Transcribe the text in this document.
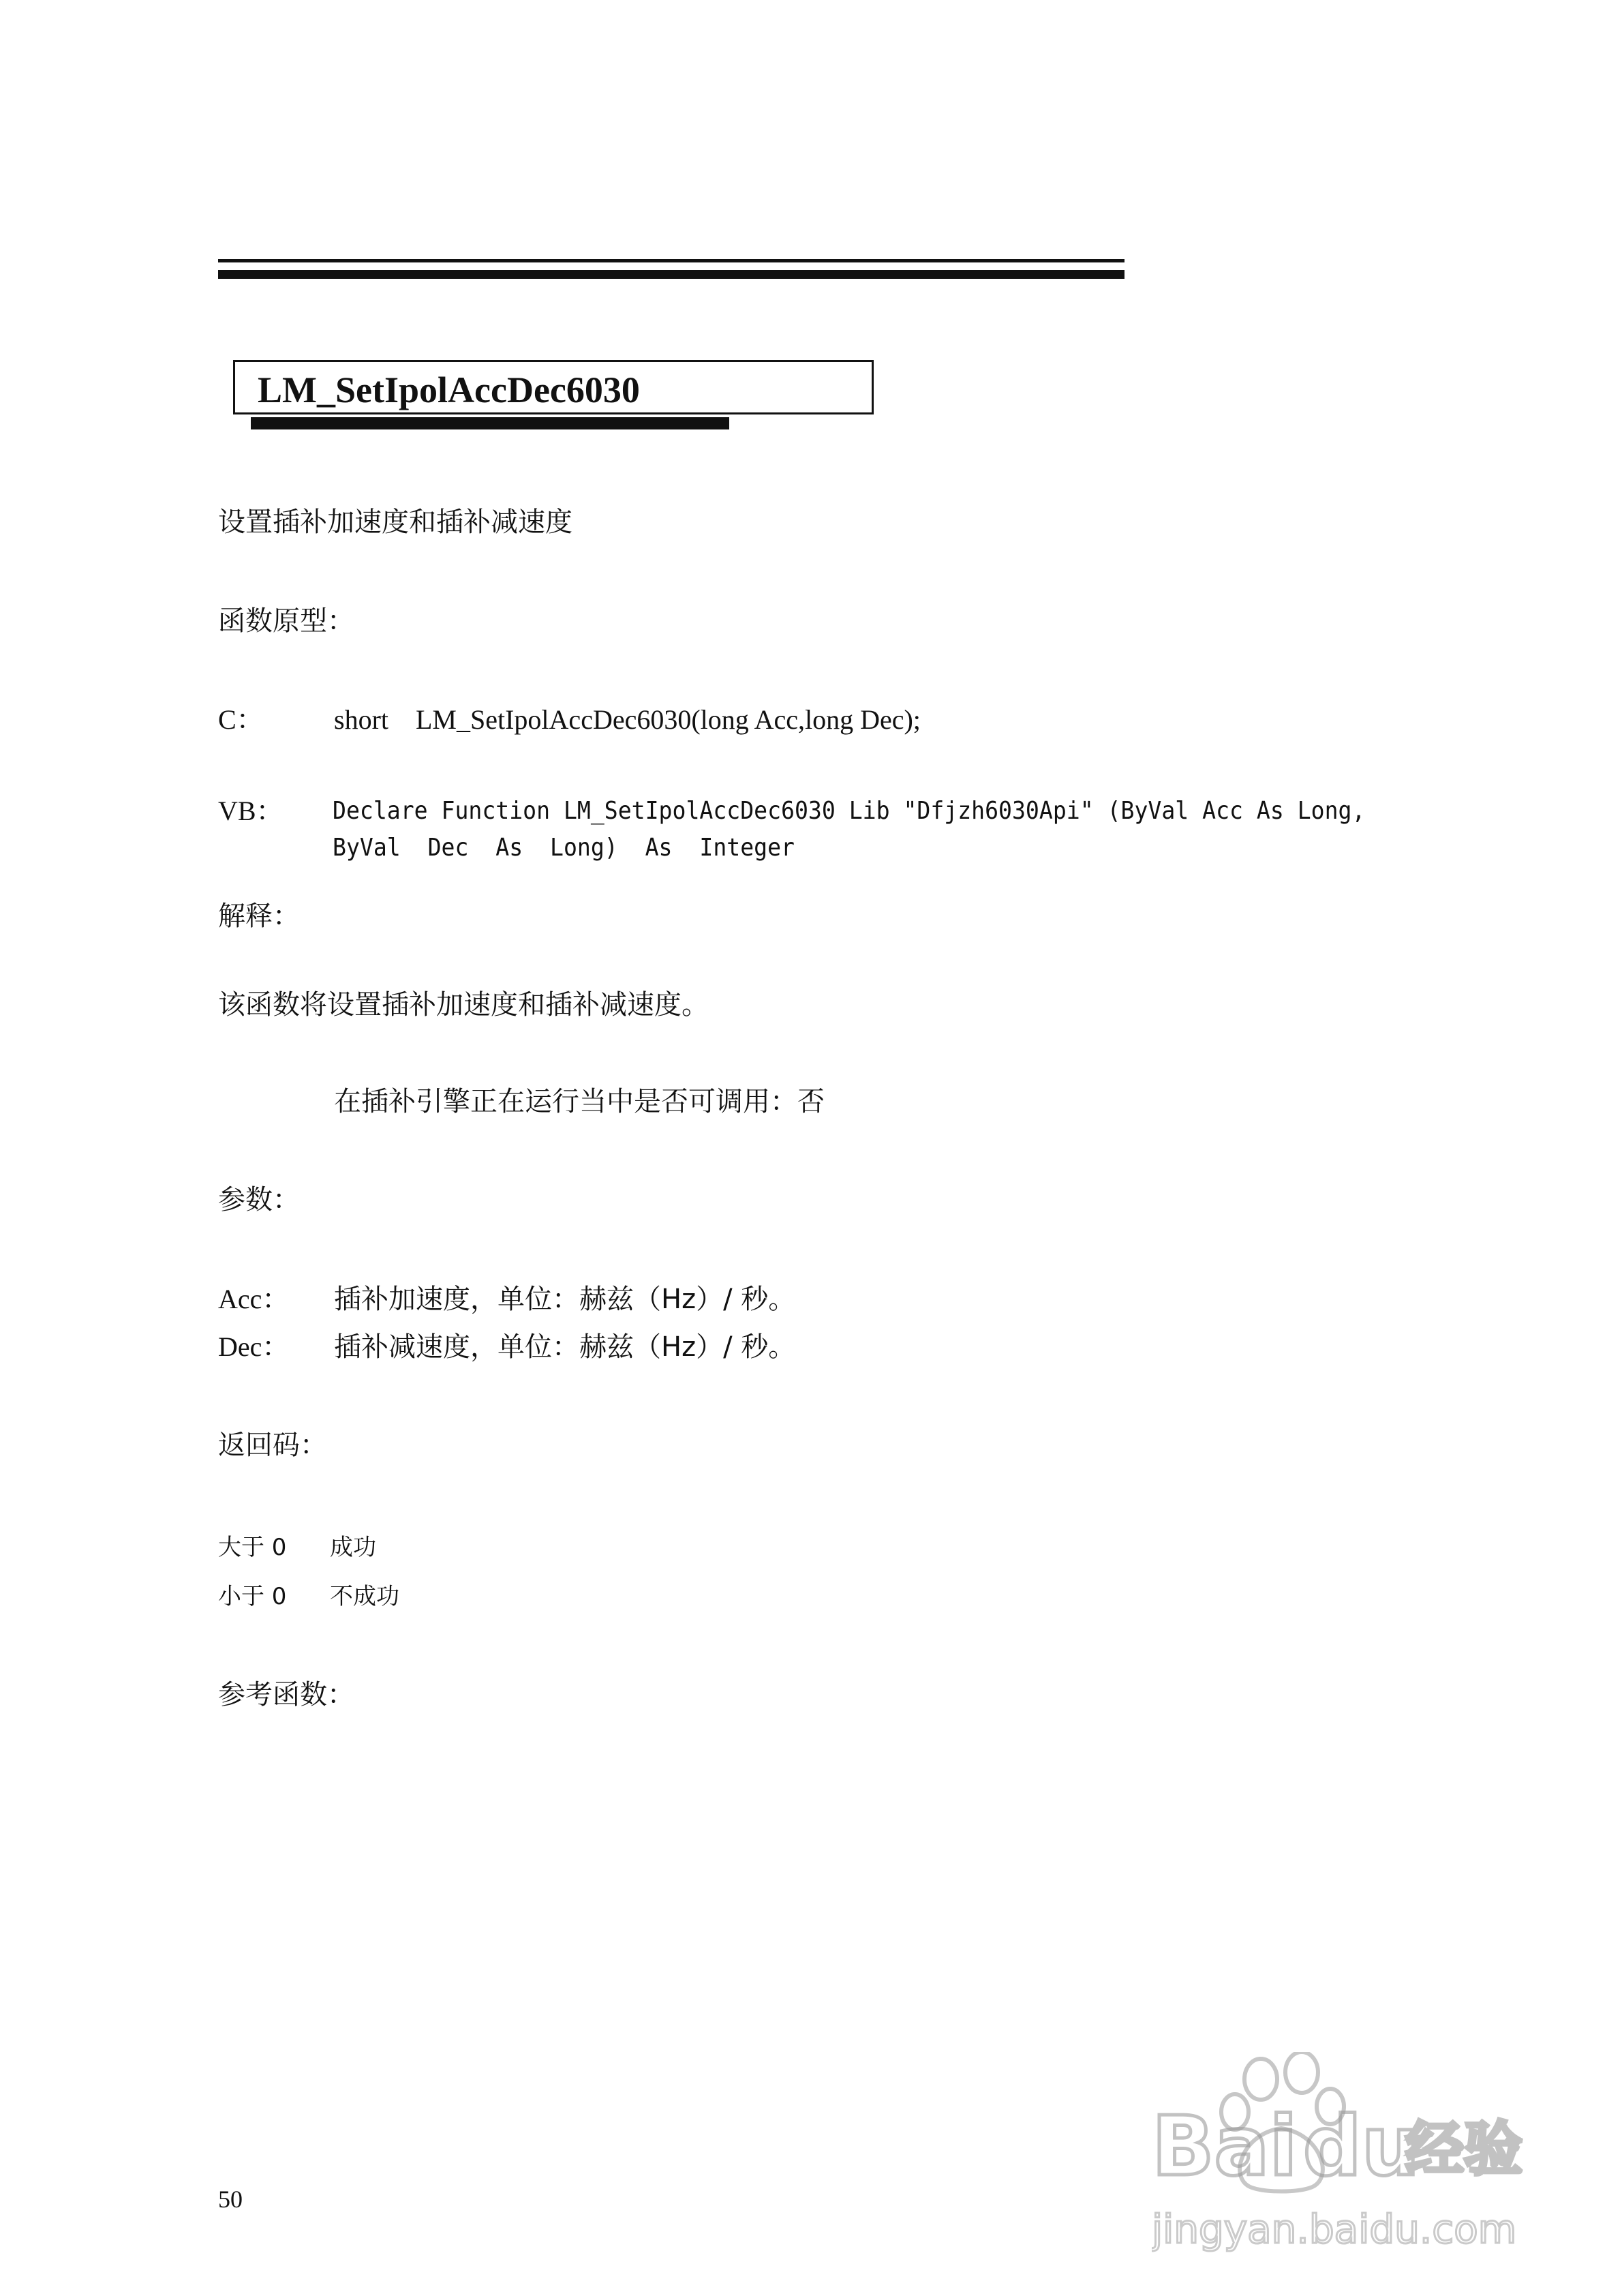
LM_SetIpolAccDec6030
设置插补加速度和插补减速度
函数原型：
C：	short    LM_SetIpolAccDec6030(long Acc,long Dec);
VB： Declare Function LM_SetIpolAccDec6030 Lib "Dfjzh6030Api" (ByVal Acc As Long,
ByVal  Dec  As  Long)  As  Integer
解释：
该函数将设置插补加速度和插补减速度。
在插补引擎正在运行当中是否可调用：否
参数：
Acc： 插补加速度，单位：赫兹（Hz）/ 秒。
Dec： 插补减速度，单位：赫兹（Hz）/ 秒。
返回码：
大于 0 成功
小于 0 不成功
参考函数：
50
Bai du
经验
jingyan.baidu.com
